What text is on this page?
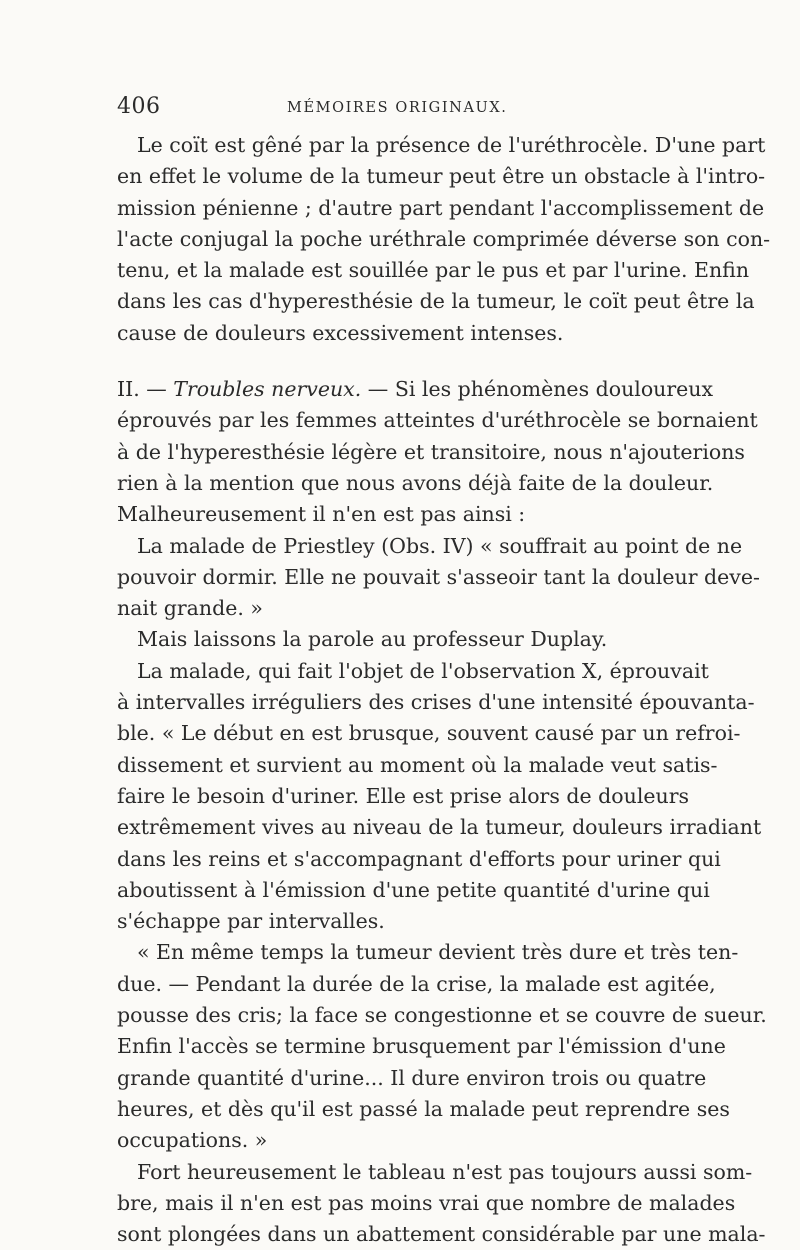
406	MÉMOIRES ORIGINAUX.
Le coït est gêné par la présence de l'uréthrocèle. D'une part
en effet le volume de la tumeur peut être un obstacle à l'intro-
mission pénienne ; d'autre part pendant l'accomplissement de
l'acte conjugal la poche uréthrale comprimée déverse son con-
tenu, et la malade est souillée par le pus et par l'urine. Enfin
dans les cas d'hyperesthésie de la tumeur, le coït peut être la
cause de douleurs excessivement intenses.
II. — Troubles nerveux. — Si les phénomènes douloureux
éprouvés par les femmes atteintes d'uréthrocèle se bornaient
à de l'hyperesthésie légère et transitoire, nous n'ajouterions
rien à la mention que nous avons déjà faite de la douleur.
Malheureusement il n'en est pas ainsi :
La malade de Priestley (Obs. IV) « souffrait au point de ne
pouvoir dormir. Elle ne pouvait s'asseoir tant la douleur deve-
nait grande. »
Mais laissons la parole au professeur Duplay.
La malade, qui fait l'objet de l'observation X, éprouvait
à intervalles irréguliers des crises d'une intensité épouvanta-
ble. « Le début en est brusque, souvent causé par un refroi-
dissement et survient au moment où la malade veut satis-
faire le besoin d'uriner. Elle est prise alors de douleurs
extrêmement vives au niveau de la tumeur, douleurs irradiant
dans les reins et s'accompagnant d'efforts pour uriner qui
aboutissent à l'émission d'une petite quantité d'urine qui
s'échappe par intervalles.
« En même temps la tumeur devient très dure et très ten-
due. — Pendant la durée de la crise, la malade est agitée,
pousse des cris; la face se congestionne et se couvre de sueur.
Enfin l'accès se termine brusquement par l'émission d'une
grande quantité d'urine... Il dure environ trois ou quatre
heures, et dès qu'il est passé la malade peut reprendre ses
occupations. »
Fort heureusement le tableau n'est pas toujours aussi som-
bre, mais il n'en est pas moins vrai que nombre de malades
sont plongées dans un abattement considérable par une mala-
